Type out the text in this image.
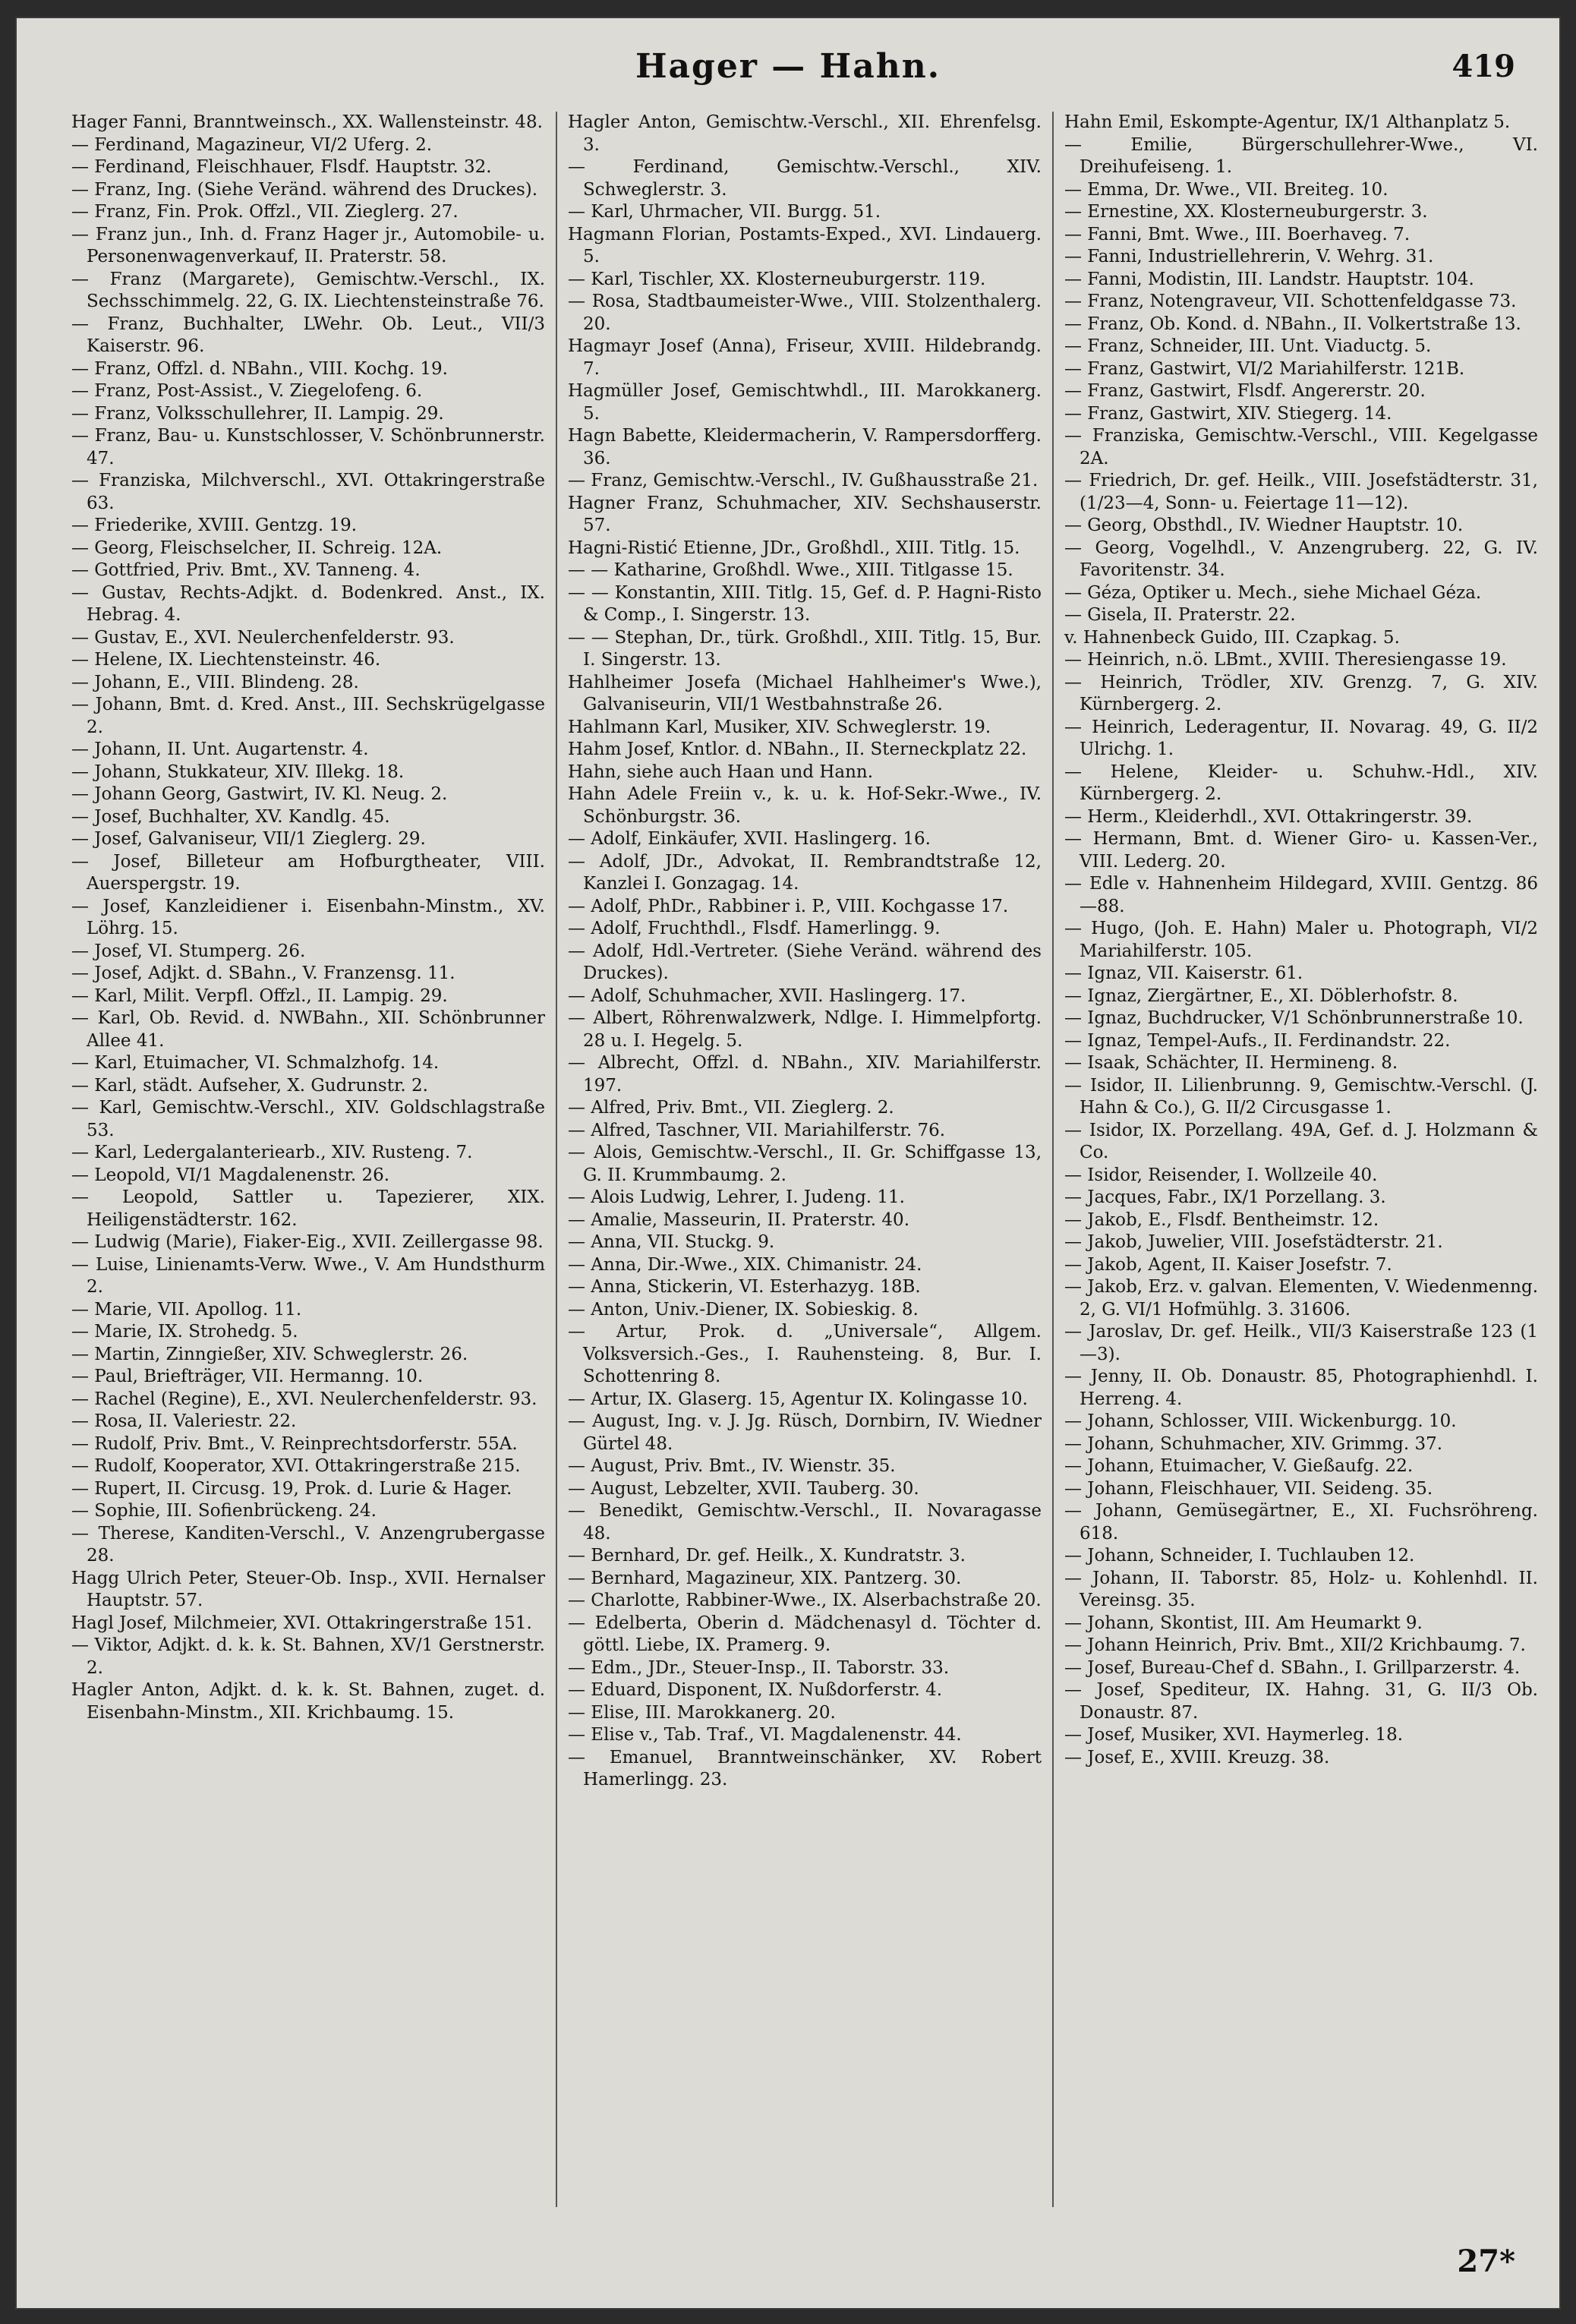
Hager — Hahn.	419
Hager Fanni, Branntweinsch., XX. Wallensteinstr. 48.
— Ferdinand, Magazineur, VI/2 Uferg. 2.
— Ferdinand, Fleischhauer, Flsdf. Hauptstr. 32.
— Franz, Ing. (Siehe Veränd. während des Druckes).
— Franz, Fin. Prok. Offzl., VII. Zieglerg. 27.
— Franz jun., Inh. d. Franz Hager jr., Automobile- u. Personenwagenverkauf, II. Praterstr. 58.
— Franz (Margarete), Gemischtw.-Verschl., IX. Sechsschimmelg. 22, G. IX. Liechtensteinstraße 76.
— Franz, Buchhalter, LWehr. Ob. Leut., VII/3 Kaiserstr. 96.
— Franz, Offzl. d. NBahn., VIII. Kochg. 19.
— Franz, Post-Assist., V. Ziegelofeng. 6.
— Franz, Volksschullehrer, II. Lampig. 29.
— Franz, Bau- u. Kunstschlosser, V. Schönbrunnerstr. 47.
— Franziska, Milchverschl., XVI. Ottakringerstraße 63.
— Friederike, XVIII. Gentzg. 19.
— Georg, Fleischselcher, II. Schreig. 12A.
— Gottfried, Priv. Bmt., XV. Tanneng. 4.
— Gustav, Rechts-Adjkt. d. Bodenkred. Anst., IX. Hebrag. 4.
— Gustav, E., XVI. Neulerchenfelderstr. 93.
— Helene, IX. Liechtensteinstr. 46.
— Johann, E., VIII. Blindeng. 28.
— Johann, Bmt. d. Kred. Anst., III. Sechskrügelgasse 2.
— Johann, II. Unt. Augartenstr. 4.
— Johann, Stukkateur, XIV. Illekg. 18.
— Johann Georg, Gastwirt, IV. Kl. Neug. 2.
— Josef, Buchhalter, XV. Kandlg. 45.
— Josef, Galvaniseur, VII/1 Zieglerg. 29.
— Josef, Billeteur am Hofburgtheater, VIII. Auerspergstr. 19.
— Josef, Kanzleidiener i. Eisenbahn-Minstm., XV. Löhrg. 15.
— Josef, VI. Stumperg. 26.
— Josef, Adjkt. d. SBahn., V. Franzensg. 11.
— Karl, Milit. Verpfl. Offzl., II. Lampig. 29.
— Karl, Ob. Revid. d. NWBahn., XII. Schönbrunner Allee 41.
— Karl, Etuimacher, VI. Schmalzhofg. 14.
— Karl, städt. Aufseher, X. Gudrunstr. 2.
— Karl, Gemischtw.-Verschl., XIV. Goldschlagstraße 53.
— Karl, Ledergalanteriearb., XIV. Rusteng. 7.
— Leopold, VI/1 Magdalenenstr. 26.
— Leopold, Sattler u. Tapezierer, XIX. Heiligenstädterstr. 162.
— Ludwig (Marie), Fiaker-Eig., XVII. Zeillergasse 98.
— Luise, Linienamts-Verw. Wwe., V. Am Hundsthurm 2.
— Marie, VII. Apollog. 11.
— Marie, IX. Strohedg. 5.
— Martin, Zinngießer, XIV. Schweglerstr. 26.
— Paul, Briefträger, VII. Hermanng. 10.
— Rachel (Regine), E., XVI. Neulerchenfelderstr. 93.
— Rosa, II. Valeriestr. 22.
— Rudolf, Priv. Bmt., V. Reinprechtsdorferstr. 55A.
— Rudolf, Kooperator, XVI. Ottakringerstraße 215.
— Rupert, II. Circusg. 19, Prok. d. Lurie & Hager.
— Sophie, III. Sofienbrückeng. 24.
— Therese, Kanditen-Verschl., V. Anzengrubergasse 28.
Hagg Ulrich Peter, Steuer-Ob. Insp., XVII. Hernalser Hauptstr. 57.
Hagl Josef, Milchmeier, XVI. Ottakringerstraße 151.
— Viktor, Adjkt. d. k. k. St. Bahnen, XV/1 Gerstnerstr. 2.
Hagler Anton, Adjkt. d. k. k. St. Bahnen, zuget. d. Eisenbahn-Minstm., XII. Krichbaumg. 15.
Hagler Anton, Gemischtw.-Verschl., XII. Ehrenfelsg. 3.
— Ferdinand, Gemischtw.-Verschl., XIV. Schweglerstr. 3.
— Karl, Uhrmacher, VII. Burgg. 51.
Hagmann Florian, Postamts-Exped., XVI. Lindauerg. 5.
— Karl, Tischler, XX. Klosterneuburgerstr. 119.
— Rosa, Stadtbaumeister-Wwe., VIII. Stolzenthalerg. 20.
Hagmayr Josef (Anna), Friseur, XVIII. Hildebrandg. 7.
Hagmüller Josef, Gemischtwhdl., III. Marokkanerg. 5.
Hagn Babette, Kleidermacherin, V. Rampersdorfferg. 36.
— Franz, Gemischtw.-Verschl., IV. Gußhausstraße 21.
Hagner Franz, Schuhmacher, XIV. Sechshauserstr. 57.
Hagni-Ristić Etienne, JDr., Großhdl., XIII. Titlg. 15.
— — Katharine, Großhdl. Wwe., XIII. Titlgasse 15.
— — Konstantin, XIII. Titlg. 15, Gef. d. P. Hagni-Risto & Comp., I. Singerstr. 13.
— — Stephan, Dr., türk. Großhdl., XIII. Titlg. 15, Bur. I. Singerstr. 13.
Hahlheimer Josefa (Michael Hahlheimer's Wwe.), Galvaniseurin, VII/1 Westbahnstraße 26.
Hahlmann Karl, Musiker, XIV. Schweglerstr. 19.
Hahm Josef, Kntlor. d. NBahn., II. Sterneckplatz 22.
Hahn, siehe auch Haan und Hann.
Hahn Adele Freiin v., k. u. k. Hof-Sekr.-Wwe., IV. Schönburgstr. 36.
— Adolf, Einkäufer, XVII. Haslingerg. 16.
— Adolf, JDr., Advokat, II. Rembrandtstraße 12, Kanzlei I. Gonzagag. 14.
— Adolf, PhDr., Rabbiner i. P., VIII. Kochgasse 17.
— Adolf, Fruchthdl., Flsdf. Hamerlingg. 9.
— Adolf, Hdl.-Vertreter. (Siehe Veränd. während des Druckes).
— Adolf, Schuhmacher, XVII. Haslingerg. 17.
— Albert, Röhrenwalzwerk, Ndlge. I. Himmelpfortg. 28 u. I. Hegelg. 5.
— Albrecht, Offzl. d. NBahn., XIV. Mariahilferstr. 197.
— Alfred, Priv. Bmt., VII. Zieglerg. 2.
— Alfred, Taschner, VII. Mariahilferstr. 76.
— Alois, Gemischtw.-Verschl., II. Gr. Schiffgasse 13, G. II. Krummbaumg. 2.
— Alois Ludwig, Lehrer, I. Judeng. 11.
— Amalie, Masseurin, II. Praterstr. 40.
— Anna, VII. Stuckg. 9.
— Anna, Dir.-Wwe., XIX. Chimanistr. 24.
— Anna, Stickerin, VI. Esterhazyg. 18B.
— Anton, Univ.-Diener, IX. Sobieskig. 8.
— Artur, Prok. d. „Universale“, Allgem. Volksversich.-Ges., I. Rauhensteing. 8, Bur. I. Schottenring 8.
— Artur, IX. Glaserg. 15, Agentur IX. Kolingasse 10.
— August, Ing. v. J. Jg. Rüsch, Dornbirn, IV. Wiedner Gürtel 48.
— August, Priv. Bmt., IV. Wienstr. 35.
— August, Lebzelter, XVII. Tauberg. 30.
— Benedikt, Gemischtw.-Verschl., II. Novaragasse 48.
— Bernhard, Dr. gef. Heilk., X. Kundratstr. 3.
— Bernhard, Magazineur, XIX. Pantzerg. 30.
— Charlotte, Rabbiner-Wwe., IX. Alserbachstraße 20.
— Edelberta, Oberin d. Mädchenasyl d. Töchter d. göttl. Liebe, IX. Pramerg. 9.
— Edm., JDr., Steuer-Insp., II. Taborstr. 33.
— Eduard, Disponent, IX. Nußdorferstr. 4.
— Elise, III. Marokkanerg. 20.
— Elise v., Tab. Traf., VI. Magdalenenstr. 44.
— Emanuel, Branntweinschänker, XV. Robert Hamerlingg. 23.
Hahn Emil, Eskompte-Agentur, IX/1 Althanplatz 5.
— Emilie, Bürgerschullehrer-Wwe., VI. Dreihufeiseng. 1.
— Emma, Dr. Wwe., VII. Breiteg. 10.
— Ernestine, XX. Klosterneuburgerstr. 3.
— Fanni, Bmt. Wwe., III. Boerhaveg. 7.
— Fanni, Industriellehrerin, V. Wehrg. 31.
— Fanni, Modistin, III. Landstr. Hauptstr. 104.
— Franz, Notengraveur, VII. Schottenfeldgasse 73.
— Franz, Ob. Kond. d. NBahn., II. Volkertstraße 13.
— Franz, Schneider, III. Unt. Viaductg. 5.
— Franz, Gastwirt, VI/2 Mariahilferstr. 121B.
— Franz, Gastwirt, Flsdf. Angererstr. 20.
— Franz, Gastwirt, XIV. Stiegerg. 14.
— Franziska, Gemischtw.-Verschl., VIII. Kegelgasse 2A.
— Friedrich, Dr. gef. Heilk., VIII. Josefstädterstr. 31, (1/23—4, Sonn- u. Feiertage 11—12).
— Georg, Obsthdl., IV. Wiedner Hauptstr. 10.
— Georg, Vogelhdl., V. Anzengruberg. 22, G. IV. Favoritenstr. 34.
— Géza, Optiker u. Mech., siehe Michael Géza.
— Gisela, II. Praterstr. 22.
v. Hahnenbeck Guido, III. Czapkag. 5.
— Heinrich, n.ö. LBmt., XVIII. Theresiengasse 19.
— Heinrich, Trödler, XIV. Grenzg. 7, G. XIV. Kürnbergerg. 2.
— Heinrich, Lederagentur, II. Novarag. 49, G. II/2 Ulrichg. 1.
— Helene, Kleider- u. Schuhw.-Hdl., XIV. Kürnbergerg. 2.
— Herm., Kleiderhdl., XVI. Ottakringerstr. 39.
— Hermann, Bmt. d. Wiener Giro- u. Kassen-Ver., VIII. Lederg. 20.
— Edle v. Hahnenheim Hildegard, XVIII. Gentzg. 86—88.
— Hugo, (Joh. E. Hahn) Maler u. Photograph, VI/2 Mariahilferstr. 105.
— Ignaz, VII. Kaiserstr. 61.
— Ignaz, Ziergärtner, E., XI. Döblerhofstr. 8.
— Ignaz, Buchdrucker, V/1 Schönbrunnerstraße 10.
— Ignaz, Tempel-Aufs., II. Ferdinandstr. 22.
— Isaak, Schächter, II. Hermineng. 8.
— Isidor, II. Lilienbrunng. 9, Gemischtw.-Verschl. (J. Hahn & Co.), G. II/2 Circusgasse 1.
— Isidor, IX. Porzellang. 49A, Gef. d. J. Holzmann & Co.
— Isidor, Reisender, I. Wollzeile 40.
— Jacques, Fabr., IX/1 Porzellang. 3.
— Jakob, E., Flsdf. Bentheimstr. 12.
— Jakob, Juwelier, VIII. Josefstädterstr. 21.
— Jakob, Agent, II. Kaiser Josefstr. 7.
— Jakob, Erz. v. galvan. Elementen, V. Wiedenmenng. 2, G. VI/1 Hofmühlg. 3. 31606.
— Jaroslav, Dr. gef. Heilk., VII/3 Kaiserstraße 123 (1—3).
— Jenny, II. Ob. Donaustr. 85, Photographienhdl. I. Herreng. 4.
— Johann, Schlosser, VIII. Wickenburgg. 10.
— Johann, Schuhmacher, XIV. Grimmg. 37.
— Johann, Etuimacher, V. Gießaufg. 22.
— Johann, Fleischhauer, VII. Seideng. 35.
— Johann, Gemüsegärtner, E., XI. Fuchsröhreng. 618.
— Johann, Schneider, I. Tuchlauben 12.
— Johann, II. Taborstr. 85, Holz- u. Kohlenhdl. II. Vereinsg. 35.
— Johann, Skontist, III. Am Heumarkt 9.
— Johann Heinrich, Priv. Bmt., XII/2 Krichbaumg. 7.
— Josef, Bureau-Chef d. SBahn., I. Grillparzerstr. 4.
— Josef, Spediteur, IX. Hahng. 31, G. II/3 Ob. Donaustr. 87.
— Josef, Musiker, XVI. Haymerleg. 18.
— Josef, E., XVIII. Kreuzg. 38.
27*
